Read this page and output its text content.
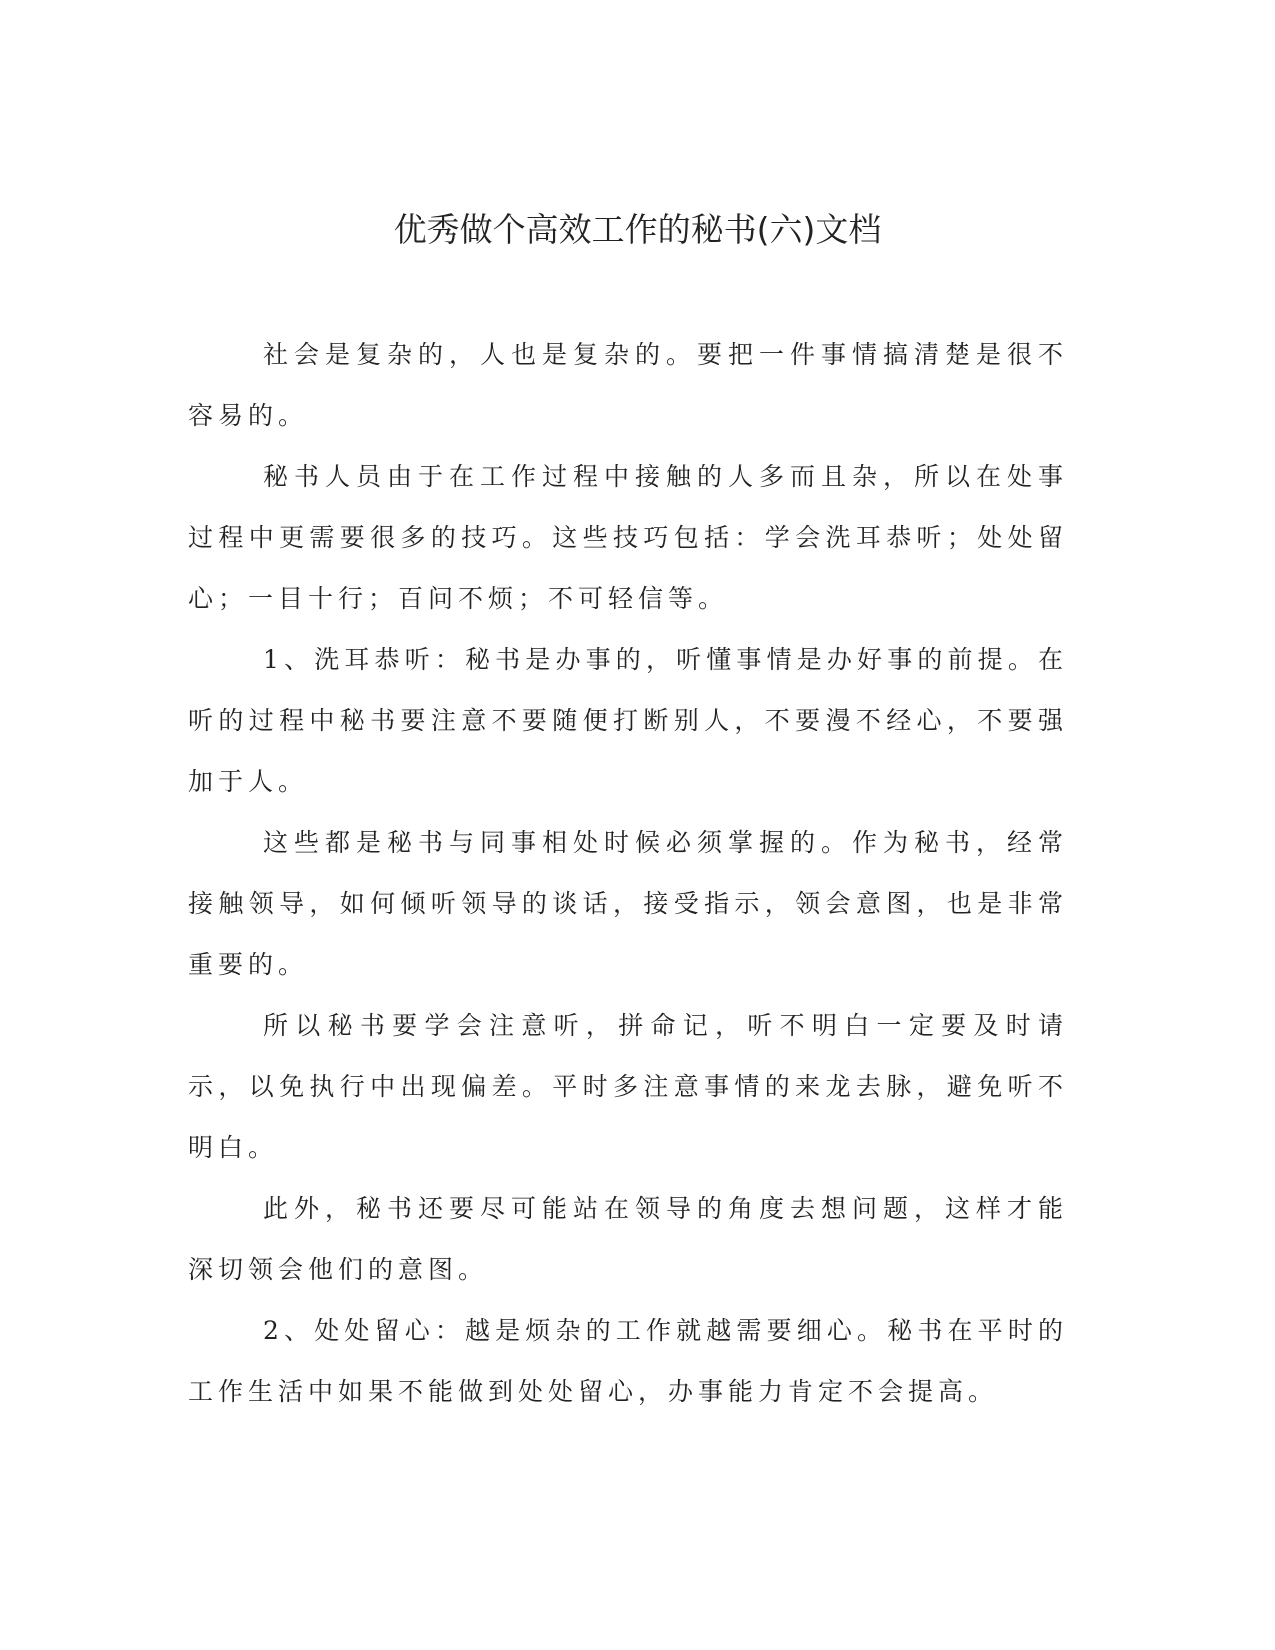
优秀做个高效工作的秘书(六)文档

社会是复杂的，人也是复杂的。要把一件事情搞清楚是很不容易的。

秘书人员由于在工作过程中接触的人多而且杂，所以在处事过程中更需要很多的技巧。这些技巧包括：学会洗耳恭听；处处留心；一目十行；百问不烦；不可轻信等。

1、洗耳恭听：秘书是办事的，听懂事情是办好事的前提。在听的过程中秘书要注意不要随便打断别人，不要漫不经心，不要强加于人。

这些都是秘书与同事相处时候必须掌握的。作为秘书，经常接触领导，如何倾听领导的谈话，接受指示，领会意图，也是非常重要的。

所以秘书要学会注意听，拼命记，听不明白一定要及时请示，以免执行中出现偏差。平时多注意事情的来龙去脉，避免听不明白。

此外，秘书还要尽可能站在领导的角度去想问题，这样才能深切领会他们的意图。

2、处处留心：越是烦杂的工作就越需要细心。秘书在平时的工作生活中如果不能做到处处留心，办事能力肯定不会提高。
